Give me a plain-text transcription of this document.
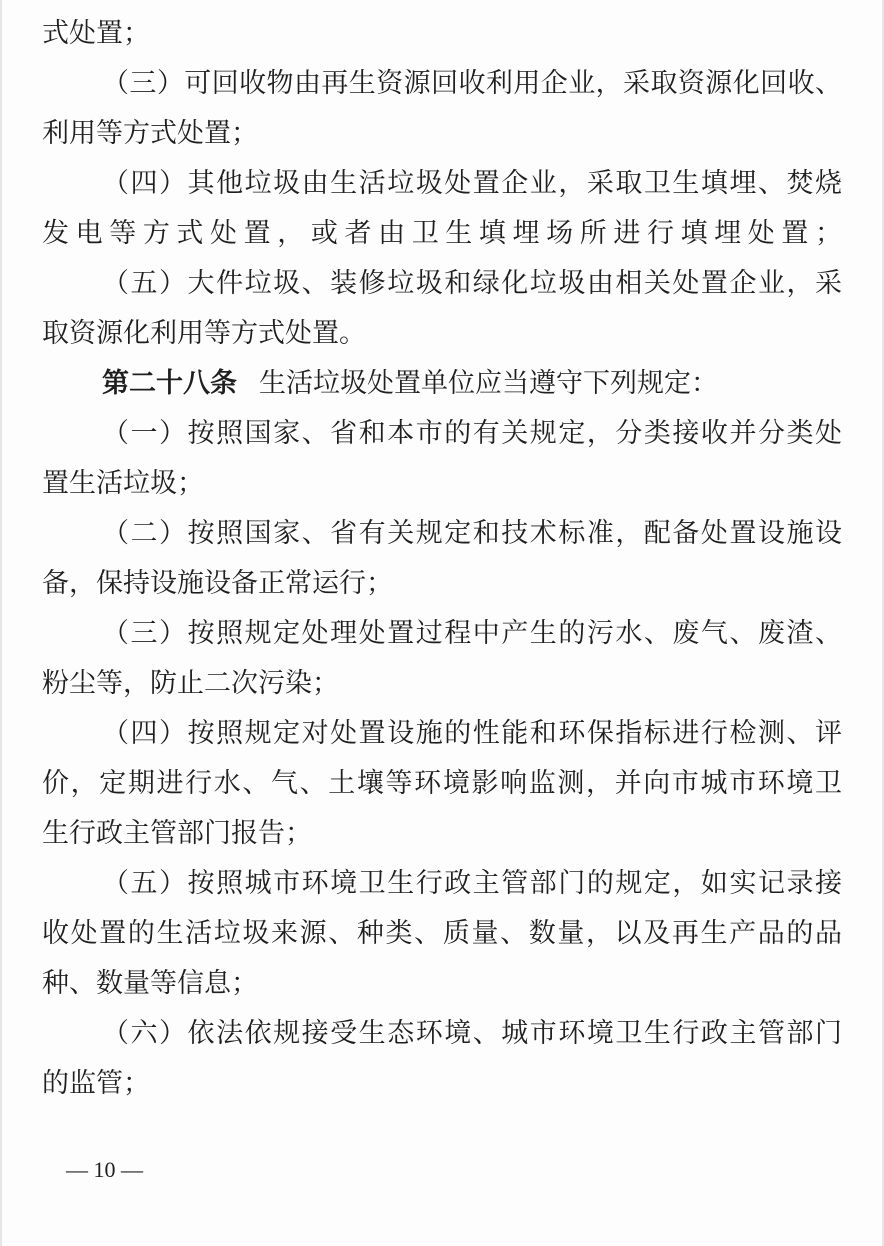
式处置；
（三）可回收物由再生资源回收利用企业，采取资源化回收、
利用等方式处置；
（四）其他垃圾由生活垃圾处置企业，采取卫生填埋、焚烧
发电等方式处置，或者由卫生填埋场所进行填埋处置；
（五）大件垃圾、装修垃圾和绿化垃圾由相关处置企业，采
取资源化利用等方式处置。
第二十八条 生活垃圾处置单位应当遵守下列规定：
（一）按照国家、省和本市的有关规定，分类接收并分类处
置生活垃圾；
（二）按照国家、省有关规定和技术标准，配备处置设施设
备，保持设施设备正常运行；
（三）按照规定处理处置过程中产生的污水、废气、废渣、
粉尘等，防止二次污染；
（四）按照规定对处置设施的性能和环保指标进行检测、评
价，定期进行水、气、土壤等环境影响监测，并向市城市环境卫
生行政主管部门报告；
（五）按照城市环境卫生行政主管部门的规定，如实记录接
收处置的生活垃圾来源、种类、质量、数量，以及再生产品的品
种、数量等信息；
（六）依法依规接受生态环境、城市环境卫生行政主管部门
的监管；
— 10 —
